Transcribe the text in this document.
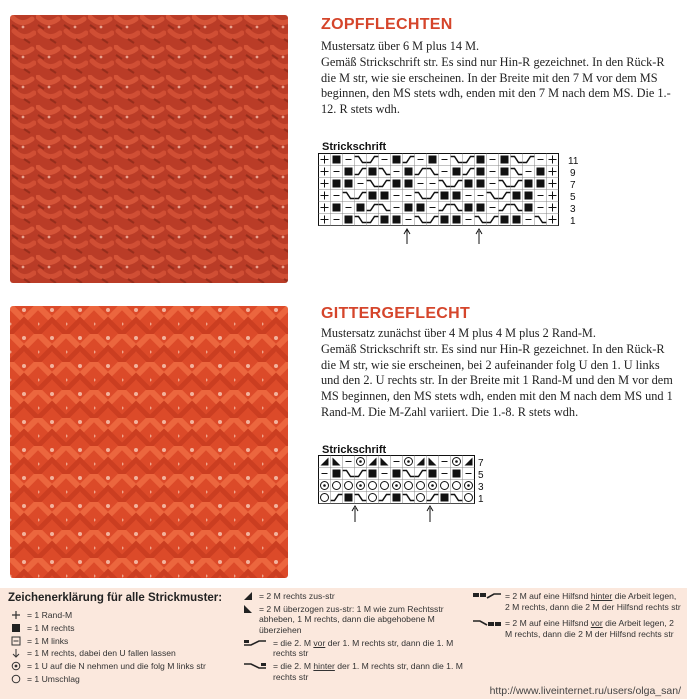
ZOPFFLECHTEN
Mustersatz über 6 M plus 14 M.
Gemäß Strickschrift str. Es sind nur Hin-R gezeichnet. In den Rück-R
die M str, wie sie erscheinen. In der Breite mit den 7 M vor dem MS
beginnen, den MS stets wdh, enden mit den 7 M nach dem MS. Die 1.-
12. R stets wdh.
Strickschrift
11
9
7
5
3
1
GITTERGEFLECHT
Mustersatz zunächst über 4 M plus 4 M plus 2 Rand-M.
Gemäß Strickschrift str. Es sind nur Hin-R gezeichnet. In den Rück-R
die M str, wie sie erscheinen, bei 2 aufeinander folg U den 1. U links
und den 2. U rechts str. In der Breite mit 1 Rand-M und den M vor dem
MS beginnen, den MS stets wdh, enden mit den M nach dem MS und 1
Rand-M. Die M-Zahl variiert. Die 1.-8. R stets wdh.
Strickschrift
7
5
3
1
Zeichenerklärung für alle Strickmuster:
= 1 Rand-M
= 1 M rechts
= 1 M links
= 1 M rechts, dabei den U fallen lassen
= 1 U auf die N nehmen und die folg M links str
= 1 Umschlag
= 2 M rechts zus-str
= 2 M überzogen zus-str: 1 M wie zum Rechtsstr abheben, 1 M rechts, dann die abgehobene M überziehen
= die 2. M vor der 1. M rechts str, dann die 1. M rechts str
= die 2. M hinter der 1. M rechts str, dann die 1. M rechts str
= 2 M auf eine Hilfsnd hinter die Arbeit legen, 2 M rechts, dann die 2 M der Hilfsnd rechts str
= 2 M auf eine Hilfsnd vor die Arbeit legen, 2 M rechts, dann die 2 M der Hilfsnd rechts str
http://www.liveinternet.ru/users/olga_san/
